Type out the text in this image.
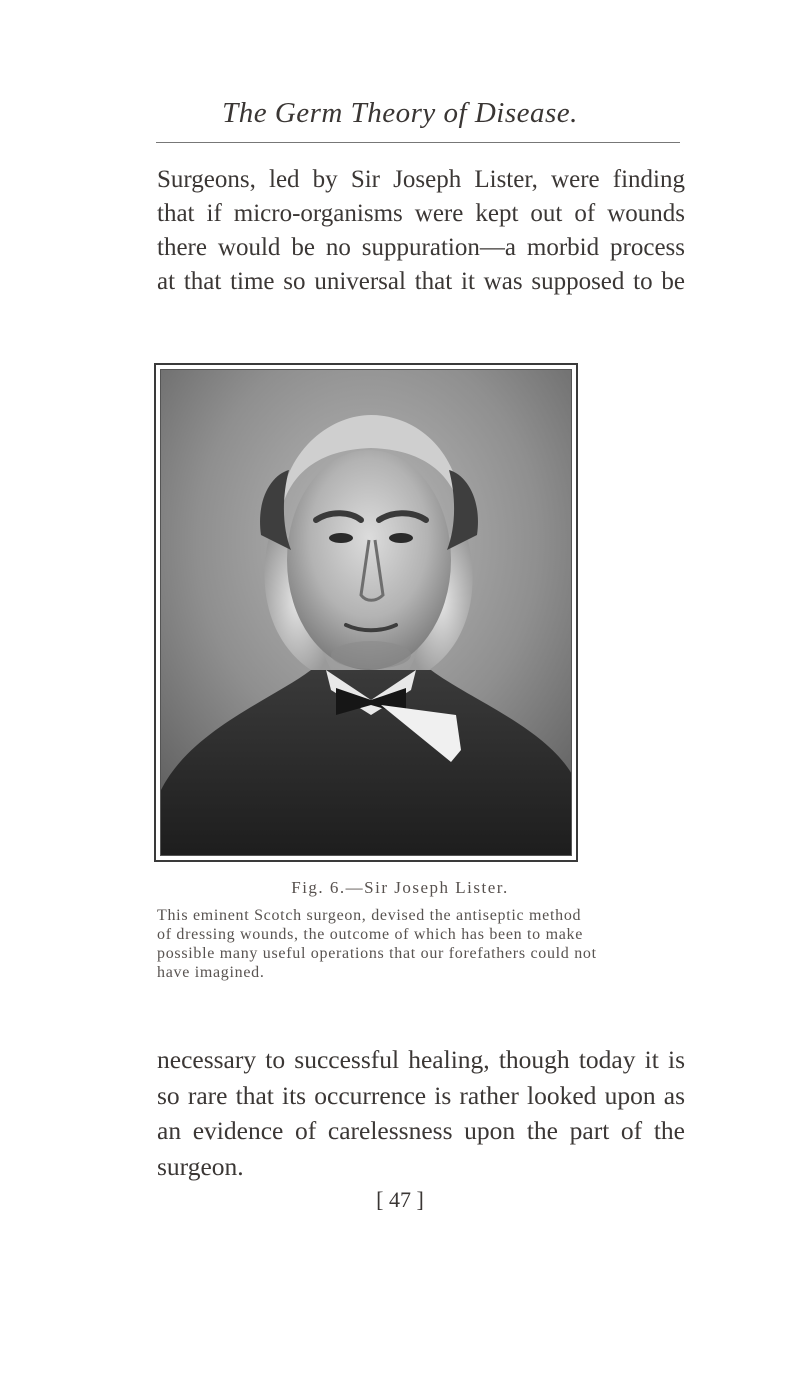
The Germ Theory of Disease.
Surgeons, led by Sir Joseph Lister, were finding
that if micro-organisms were kept out of wounds
there would be no suppuration—a morbid process
at that time so universal that it was supposed to be
Fig. 6.—Sir Joseph Lister.
This eminent Scotch surgeon, devised the antiseptic method
of dressing wounds, the outcome of which has been to make
possible many useful operations that our forefathers could not
have imagined.
necessary to successful healing, though today it is
so rare that its occurrence is rather looked upon as
an evidence of carelessness upon the part of the
surgeon.
[ 47 ]
